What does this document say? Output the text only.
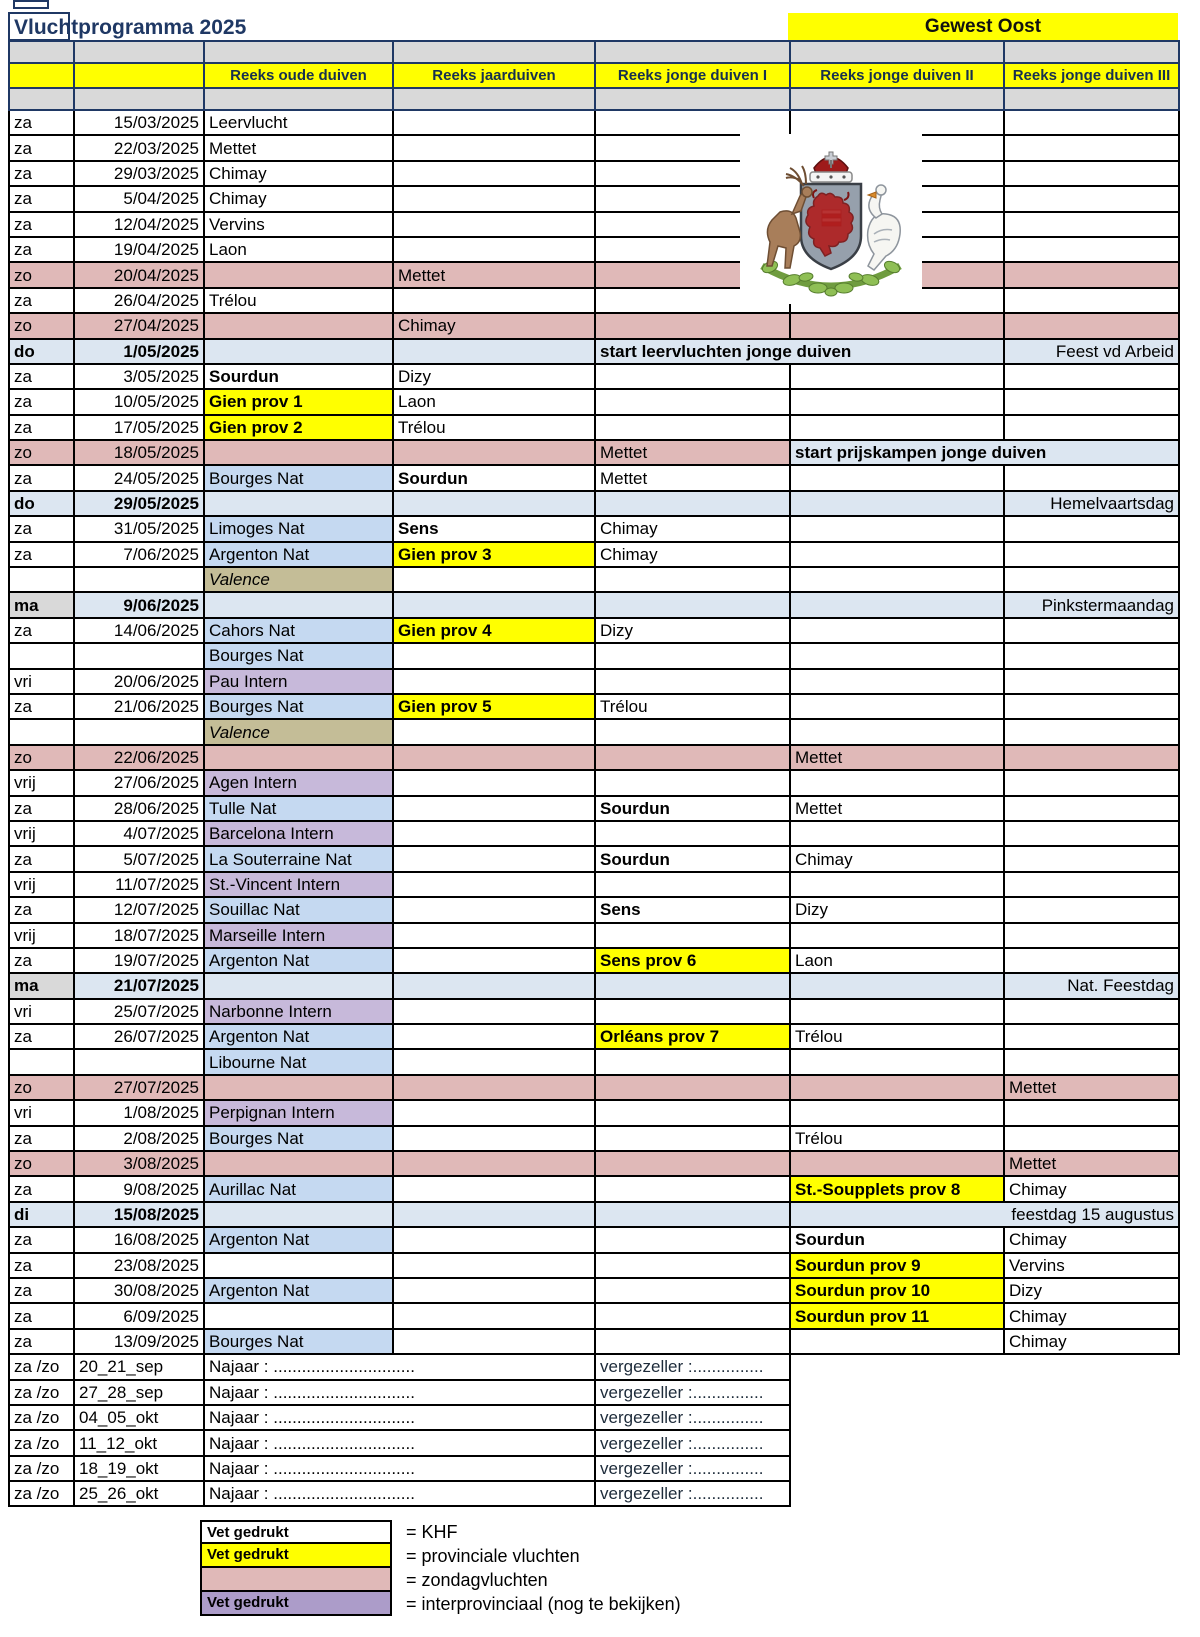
Vluchtprogramma 2025	Gewest Oost

		Reeks oude duiven	Reeks jaarduiven	Reeks jonge duiven I	Reeks jonge duiven II	Reeks jonge duiven III

za	15/03/2025	Leervlucht				
za	22/03/2025	Mettet				
za	29/03/2025	Chimay				
za	5/04/2025	Chimay				
za	12/04/2025	Vervins				
za	19/04/2025	Laon				
zo	20/04/2025		Mettet			
za	26/04/2025	Trélou				
zo	27/04/2025		Chimay			
do	1/05/2025			start leervluchten jonge duiven		Feest vd Arbeid
za	3/05/2025	Sourdun	Dizy			
za	10/05/2025	Gien prov 1	Laon			
za	17/05/2025	Gien prov 2	Trélou			
zo	18/05/2025			Mettet	start prijskampen jonge duiven	
za	24/05/2025	Bourges Nat	Sourdun	Mettet		
do	29/05/2025					Hemelvaartsdag
za	31/05/2025	Limoges Nat	Sens	Chimay		
za	7/06/2025	Argenton Nat	Gien prov 3	Chimay		
		Valence				
ma	9/06/2025					Pinkstermaandag
za	14/06/2025	Cahors Nat	Gien prov 4	Dizy		
		Bourges Nat				
vri	20/06/2025	Pau Intern				
za	21/06/2025	Bourges Nat	Gien prov 5	Trélou		
		Valence				
zo	22/06/2025				Mettet	
vrij	27/06/2025	Agen Intern				
za	28/06/2025	Tulle Nat		Sourdun	Mettet	
vrij	4/07/2025	Barcelona Intern				
za	5/07/2025	La Souterraine Nat		Sourdun	Chimay	
vrij	11/07/2025	St.-Vincent Intern				
za	12/07/2025	Souillac Nat		Sens	Dizy	
vrij	18/07/2025	Marseille Intern				
za	19/07/2025	Argenton Nat		Sens prov 6	Laon	
ma	21/07/2025					Nat. Feestdag
vri	25/07/2025	Narbonne Intern				
za	26/07/2025	Argenton Nat		Orléans prov 7	Trélou	
		Libourne Nat				
zo	27/07/2025					Mettet
vri	1/08/2025	Perpignan Intern				
za	2/08/2025	Bourges Nat			Trélou	
zo	3/08/2025					Mettet
za	9/08/2025	Aurillac Nat			St.-Soupplets prov 8	Chimay
di	15/08/2025				feestdag 15 augustus	
za	16/08/2025	Argenton Nat			Sourdun	Chimay
za	23/08/2025				Sourdun prov 9	Vervins
za	30/08/2025	Argenton Nat			Sourdun prov 10	Dizy
za	6/09/2025				Sourdun prov 11	Chimay
za	13/09/2025	Bourges Nat				Chimay
za /zo	20_21_sep	Najaar : ..............................		vergezeller :...............		
za /zo	27_28_sep	Najaar : ..............................		vergezeller :...............		
za /zo	04_05_okt	Najaar : ..............................		vergezeller :...............		
za /zo	11_12_okt	Najaar : ..............................		vergezeller :...............		
za /zo	18_19_okt	Najaar : ..............................		vergezeller :...............		
za /zo	25_26_okt	Najaar : ..............................		vergezeller :...............		
Vet gedrukt	= KHF
Vet gedrukt	= provinciale vluchten
= zondagvluchten
Vet gedrukt	= interprovinciaal (nog te bekijken)
